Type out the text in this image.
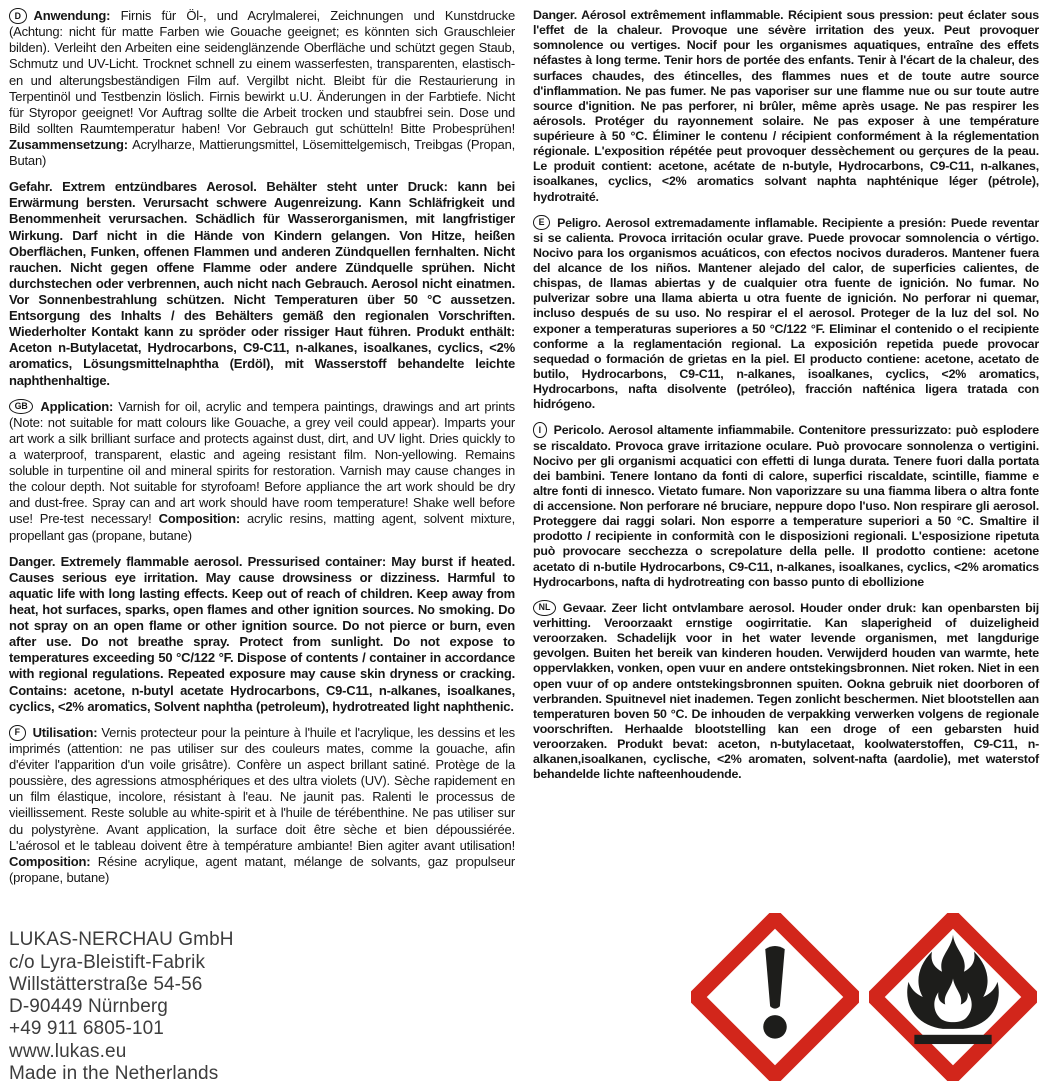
D Anwendung: Firnis für Öl-, und Acrylmalerei, Zeichnungen und Kunstdrucke (Achtung: nicht für matte Farben wie Gouache geeignet; es könnten sich Grauschleier bilden). Verleiht den Arbeiten eine seidenglänzende Oberfläche und schützt gegen Staub, Schmutz und UV-Licht. Trocknet schnell zu einem wasserfesten, transparenten, elastisch- en und alterungsbeständigen Film auf. Vergilbt nicht. Bleibt für die Restaurierung in Terpentinöl und Testbenzin löslich. Firnis bewirkt u.U. Änderungen in der Farbtiefe. Nicht für Styropor geeignet! Vor Auftrag sollte die Arbeit trocken und staubfrei sein. Dose und Bild sollten Raumtemperatur haben! Vor Gebrauch gut schütteln! Bitte Probesprühen! Zusammensetzung: Acrylharze, Mattierungsmittel, Lösemittelgemisch, Treibgas (Propan, Butan)

Gefahr. Extrem entzündbares Aerosol. Behälter steht unter Druck: kann bei Erwärmung bersten. Verursacht schwere Augenreizung. Kann Schläfrigkeit und Benommenheit verursachen. Schädlich für Wasserorganismen, mit langfristiger Wirkung. Darf nicht in die Hände von Kindern gelangen. Von Hitze, heißen Oberflächen, Funken, offenen Flammen und anderen Zündquellen fernhalten. Nicht rauchen. Nicht gegen offene Flamme oder andere Zündquelle sprühen. Nicht durchstechen oder verbrennen, auch nicht nach Gebrauch. Aerosol nicht einatmen. Vor Sonnenbestrahlung schützen. Nicht Temperaturen über 50 °C aussetzen. Entsorgung des Inhalts / des Behälters gemäß den regionalen Vorschriften. Wiederholter Kontakt kann zu spröder oder rissiger Haut führen. Produkt enthält: Aceton n-Butylacetat, Hydrocarbons, C9-C11, n-alkanes, isoalkanes, cyclics, <2% aromatics, Lösungsmittelnaphtha (Erdöl), mit Wasserstoff behandelte leichte naphthenhaltige.

GB Application: Varnish for oil, acrylic and tempera paintings, drawings and art prints (Note: not suitable for matt colours like Gouache, a grey veil could appear). Imparts your art work a silk brilliant surface and protects against dust, dirt, and UV light. Dries quickly to a waterproof, transparent, elastic and ageing resistant film. Non-yellowing. Remains soluble in turpentine oil and mineral spirits for restoration. Varnish may cause changes in the colour depth. Not suitable for styrofoam! Before appliance the art work should be dry and dust-free. Spray can and art work should have room temperature! Shake well before use! Pre-test necessary! Composition: acrylic resins, matting agent, solvent mixture, propellant gas (propane, butane)

Danger. Extremely flammable aerosol. Pressurised container: May burst if heated. Causes serious eye irritation. May cause drowsiness or dizziness. Harmful to aquatic life with long lasting effects. Keep out of reach of children. Keep away from heat, hot surfaces, sparks, open flames and other ignition sources. No smoking. Do not spray on an open flame or other ignition source. Do not pierce or burn, even after use. Do not breathe spray. Protect from sunlight. Do not expose to temperatures exceeding 50 °C/122 °F. Dispose of contents / container in accordance with regional regulations. Repeated exposure may cause skin dryness or cracking. Contains: acetone, n-butyl acetate Hydrocarbons, C9-C11, n-alkanes, isoalkanes, cyclics, <2% aromatics, Solvent naphtha (petroleum), hydrotreated light naphthenic.

F Utilisation: Vernis protecteur pour la peinture à l'huile et l'acrylique, les dessins et les imprimés (attention: ne pas utiliser sur des couleurs mates, comme la gouache, afin d'éviter l'apparition d'un voile grisâtre). Confère un aspect brillant satiné. Protège de la poussière, des agressions atmosphériques et des ultra violets (UV). Sèche rapidement en un film élastique, incolore, résistant à l'eau. Ne jaunit pas. Ralenti le processus de vieillissement. Reste soluble au white-spirit et à l'huile de térébenthine. Ne pas utiliser sur du polystyrène. Avant application, la surface doit être sèche et bien dépoussiérée. L'aérosol et le tableau doivent être à température ambiante! Bien agiter avant utilisation! Composition: Résine acrylique, agent matant, mélange de solvants, gaz propulseur (propane, butane)

LUKAS-NERCHAU GmbH
c/o Lyra-Bleistift-Fabrik
Willstätterstraße 54-56
D-90449 Nürnberg
+49 911 6805-101
www.lukas.eu
Made in the Netherlands

Danger. Aérosol extrêmement inflammable. Récipient sous pression: peut éclater sous l'effet de la chaleur. Provoque une sévère irritation des yeux. Peut provoquer somnolence ou vertiges. Nocif pour les organismes aquatiques, entraîne des effets néfastes à long terme. Tenir hors de portée des enfants. Tenir à l'écart de la chaleur, des surfaces chaudes, des étincelles, des flammes nues et de toute autre source d'inflammation. Ne pas fumer. Ne pas vaporiser sur une flamme nue ou sur toute autre source d'ignition. Ne pas perforer, ni brûler, même après usage. Ne pas respirer les aérosols. Protéger du rayonnement solaire. Ne pas exposer à une température supérieure à 50 °C. Éliminer le contenu / récipient conformément à la réglementation régionale. L'exposition répétée peut provoquer dessèchement ou gerçures de la peau. Le produit contient: acetone, acétate de n-butyle, Hydrocarbons, C9-C11, n-alkanes, isoalkanes, cyclics, <2% aromatics solvant naphta naphténique léger (pétrole), hydrotraité.

E Peligro. Aerosol extremadamente inflamable. Recipiente a presión: Puede reventar si se calienta. Provoca irritación ocular grave. Puede provocar somnolencia o vértigo. Nocivo para los organismos acuáticos, con efectos nocivos duraderos. Mantener fuera del alcance de los niños. Mantener alejado del calor, de superficies calientes, de chispas, de llamas abiertas y de cualquier otra fuente de ignición. No fumar. No pulverizar sobre una llama abierta u otra fuente de ignición. No perforar ni quemar, incluso después de su uso. No respirar el el aerosol. Proteger de la luz del sol. No exponer a temperaturas superiores a 50 °C/122 °F. Eliminar el contenido o el recipiente conforme a la reglamentación regional. La exposición repetida puede provocar sequedad o formación de grietas en la piel. El producto contiene: acetone, acetato de butilo, Hydrocarbons, C9-C11, n-alkanes, isoalkanes, cyclics, <2% aromatics, Hydrocarbons, nafta disolvente (petróleo), fracción nafténica ligera tratada con hidrógeno.

I Pericolo. Aerosol altamente infiammabile. Contenitore pressurizzato: può esplodere se riscaldato. Provoca grave irritazione oculare. Può provocare sonnolenza o vertigini. Nocivo per gli organismi acquatici con effetti di lunga durata. Tenere fuori dalla portata dei bambini. Tenere lontano da fonti di calore, superfici riscaldate, scintille, fiamme e altre fonti di innesco. Vietato fumare. Non vaporizzare su una fiamma libera o altra fonte di accensione. Non perforare né bruciare, neppure dopo l'uso. Non respirare gli aerosol. Proteggere dai raggi solari. Non esporre a temperature superiori a 50 °C. Smaltire il prodotto / recipiente in conformità con le disposizioni regionali. L'esposizione ripetuta può provocare secchezza o screpolature della pelle. Il prodotto contiene: acetone acetato di n-butile Hydrocarbons, C9-C11, n-alkanes, isoalkanes, cyclics, <2% aromatics Hydrocarbons, nafta di hydrotreating con basso punto di ebollizione

NL Gevaar. Zeer licht ontvlambare aerosol. Houder onder druk: kan openbarsten bij verhitting. Veroorzaakt ernstige oogirritatie. Kan slaperigheid of duizeligheid veroorzaken. Schadelijk voor in het water levende organismen, met langdurige gevolgen. Buiten het bereik van kinderen houden. Verwijderd houden van warmte, hete oppervlakken, vonken, open vuur en andere ontstekingsbronnen. Niet roken. Niet in een open vuur of op andere ontstekingsbronnen spuiten. Ookna gebruik niet doorboren of verbranden. Spuitnevel niet inademen. Tegen zonlicht beschermen. Niet blootstellen aan temperaturen boven 50 °C. De inhouden de verpakking verwerken volgens de regionale voorschriften. Herhaalde blootstelling kan een droge of een gebarsten huid veroorzaken. Produkt bevat: aceton, n-butylacetaat, koolwaterstoffen, C9-C11, n-alkanen,isoalkanen, cyclische, <2% aromaten, solvent-nafta (aardolie), met waterstof behandelde lichte nafteenhoudende.
